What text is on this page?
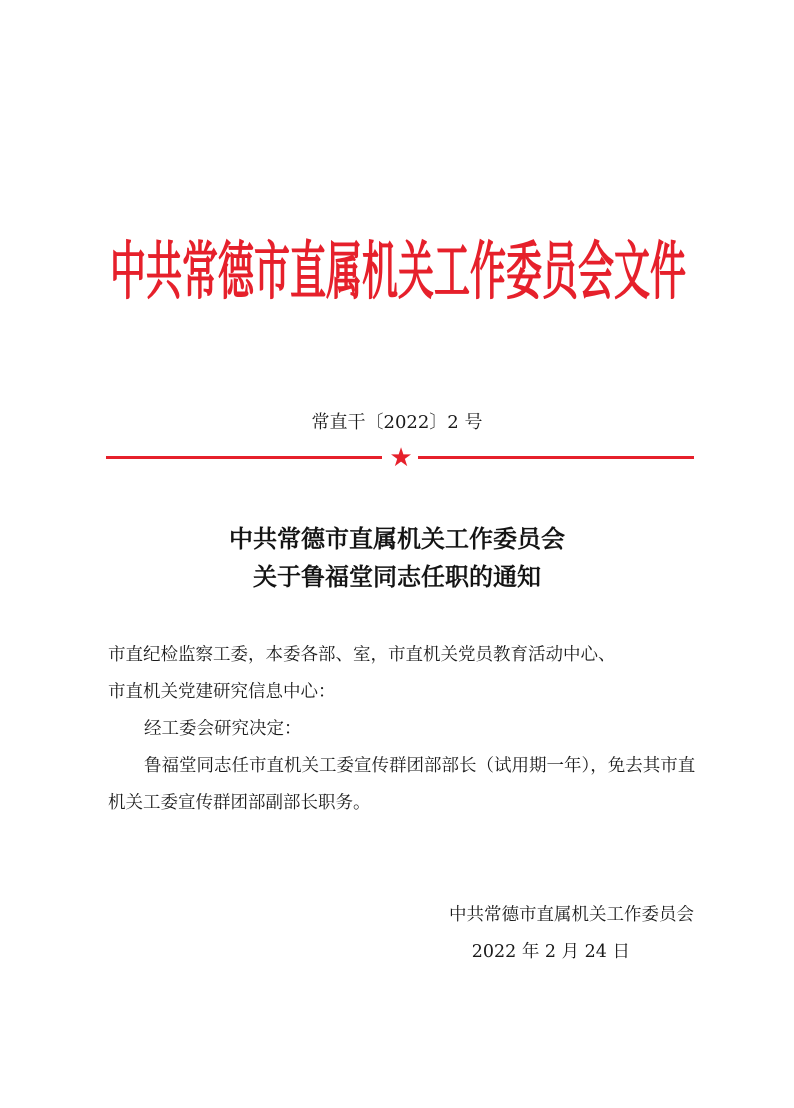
中共常德市直属机关工作委员会文件
常直干〔2022〕2 号
★
中共常德市直属机关工作委员会
关于鲁福堂同志任职的通知

市直纪检监察工委，本委各部、室，市直机关党员教育活动中心、

市直机关党建研究信息中心：

经工委会研究决定：

鲁福堂同志任市直机关工委宣传群团部部长（试用期一年），免去其市直机关工委宣传群团部副部长职务。

中共常德市直属机关工作委员会
2022 年 2 月 24 日
